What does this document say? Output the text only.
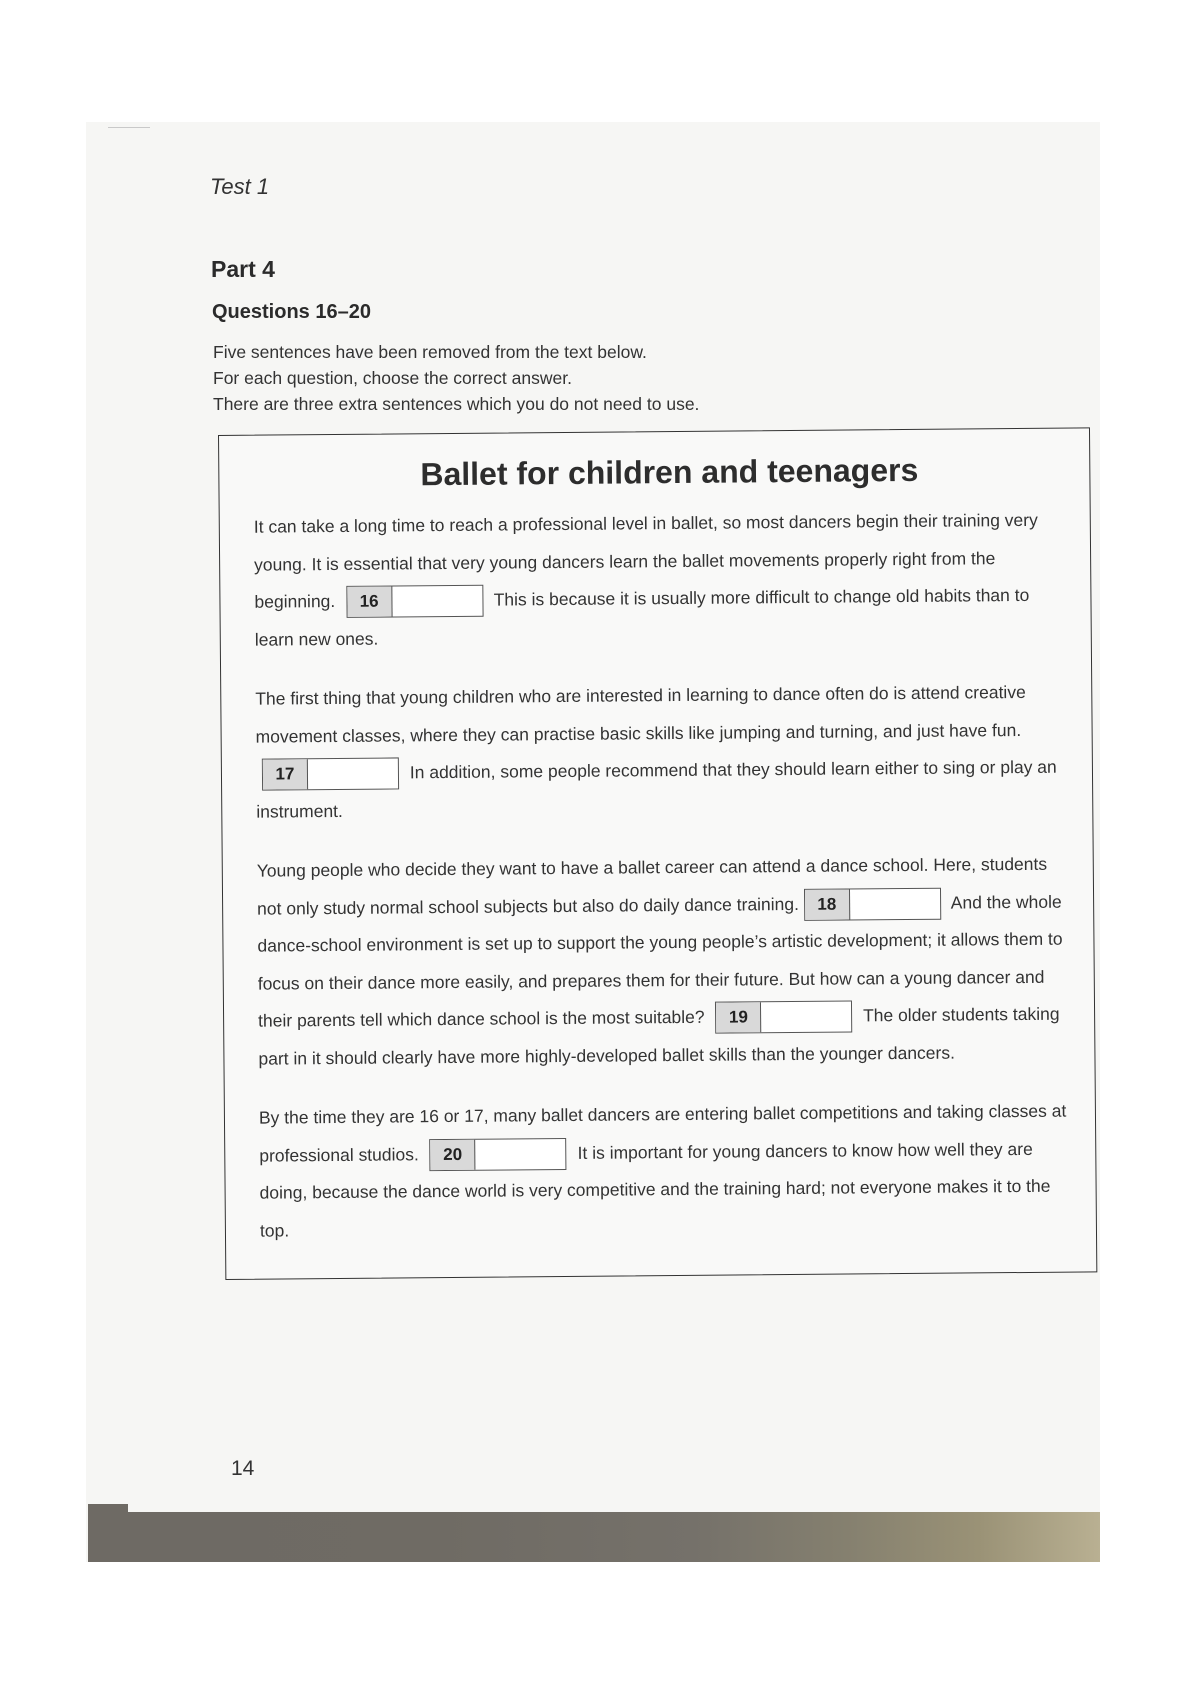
Test 1
Part 4
Questions 16–20
Five sentences have been removed from the text below.
For each question, choose the correct answer.
There are three extra sentences which you do not need to use.
Ballet for children and teenagers
It can take a long time to reach a professional level in ballet, so most dancers begin their training very young. It is essential that very young dancers learn the ballet movements properly right from the beginning.	16	This is because it is usually more difficult to change old habits than to learn new ones.
The first thing that young children who are interested in learning to dance often do is attend creative movement classes, where they can practise basic skills like jumping and turning, and just have fun.
17	In addition, some people recommend that they should learn either to sing or play an instrument.
Young people who decide they want to have a ballet career can attend a dance school. Here, students not only study normal school subjects but also do daily dance training.	18	And the whole dance-school environment is set up to support the young people’s artistic development; it allows them to focus on their dance more easily, and prepares them for their future. But how can a young dancer and their parents tell which dance school is the most suitable?	19	The older students taking part in it should clearly have more highly-developed ballet skills than the younger dancers.
By the time they are 16 or 17, many ballet dancers are entering ballet competitions and taking classes at professional studios.	20	It is important for young dancers to know how well they are doing, because the dance world is very competitive and the training hard; not everyone makes it to the top.
14
